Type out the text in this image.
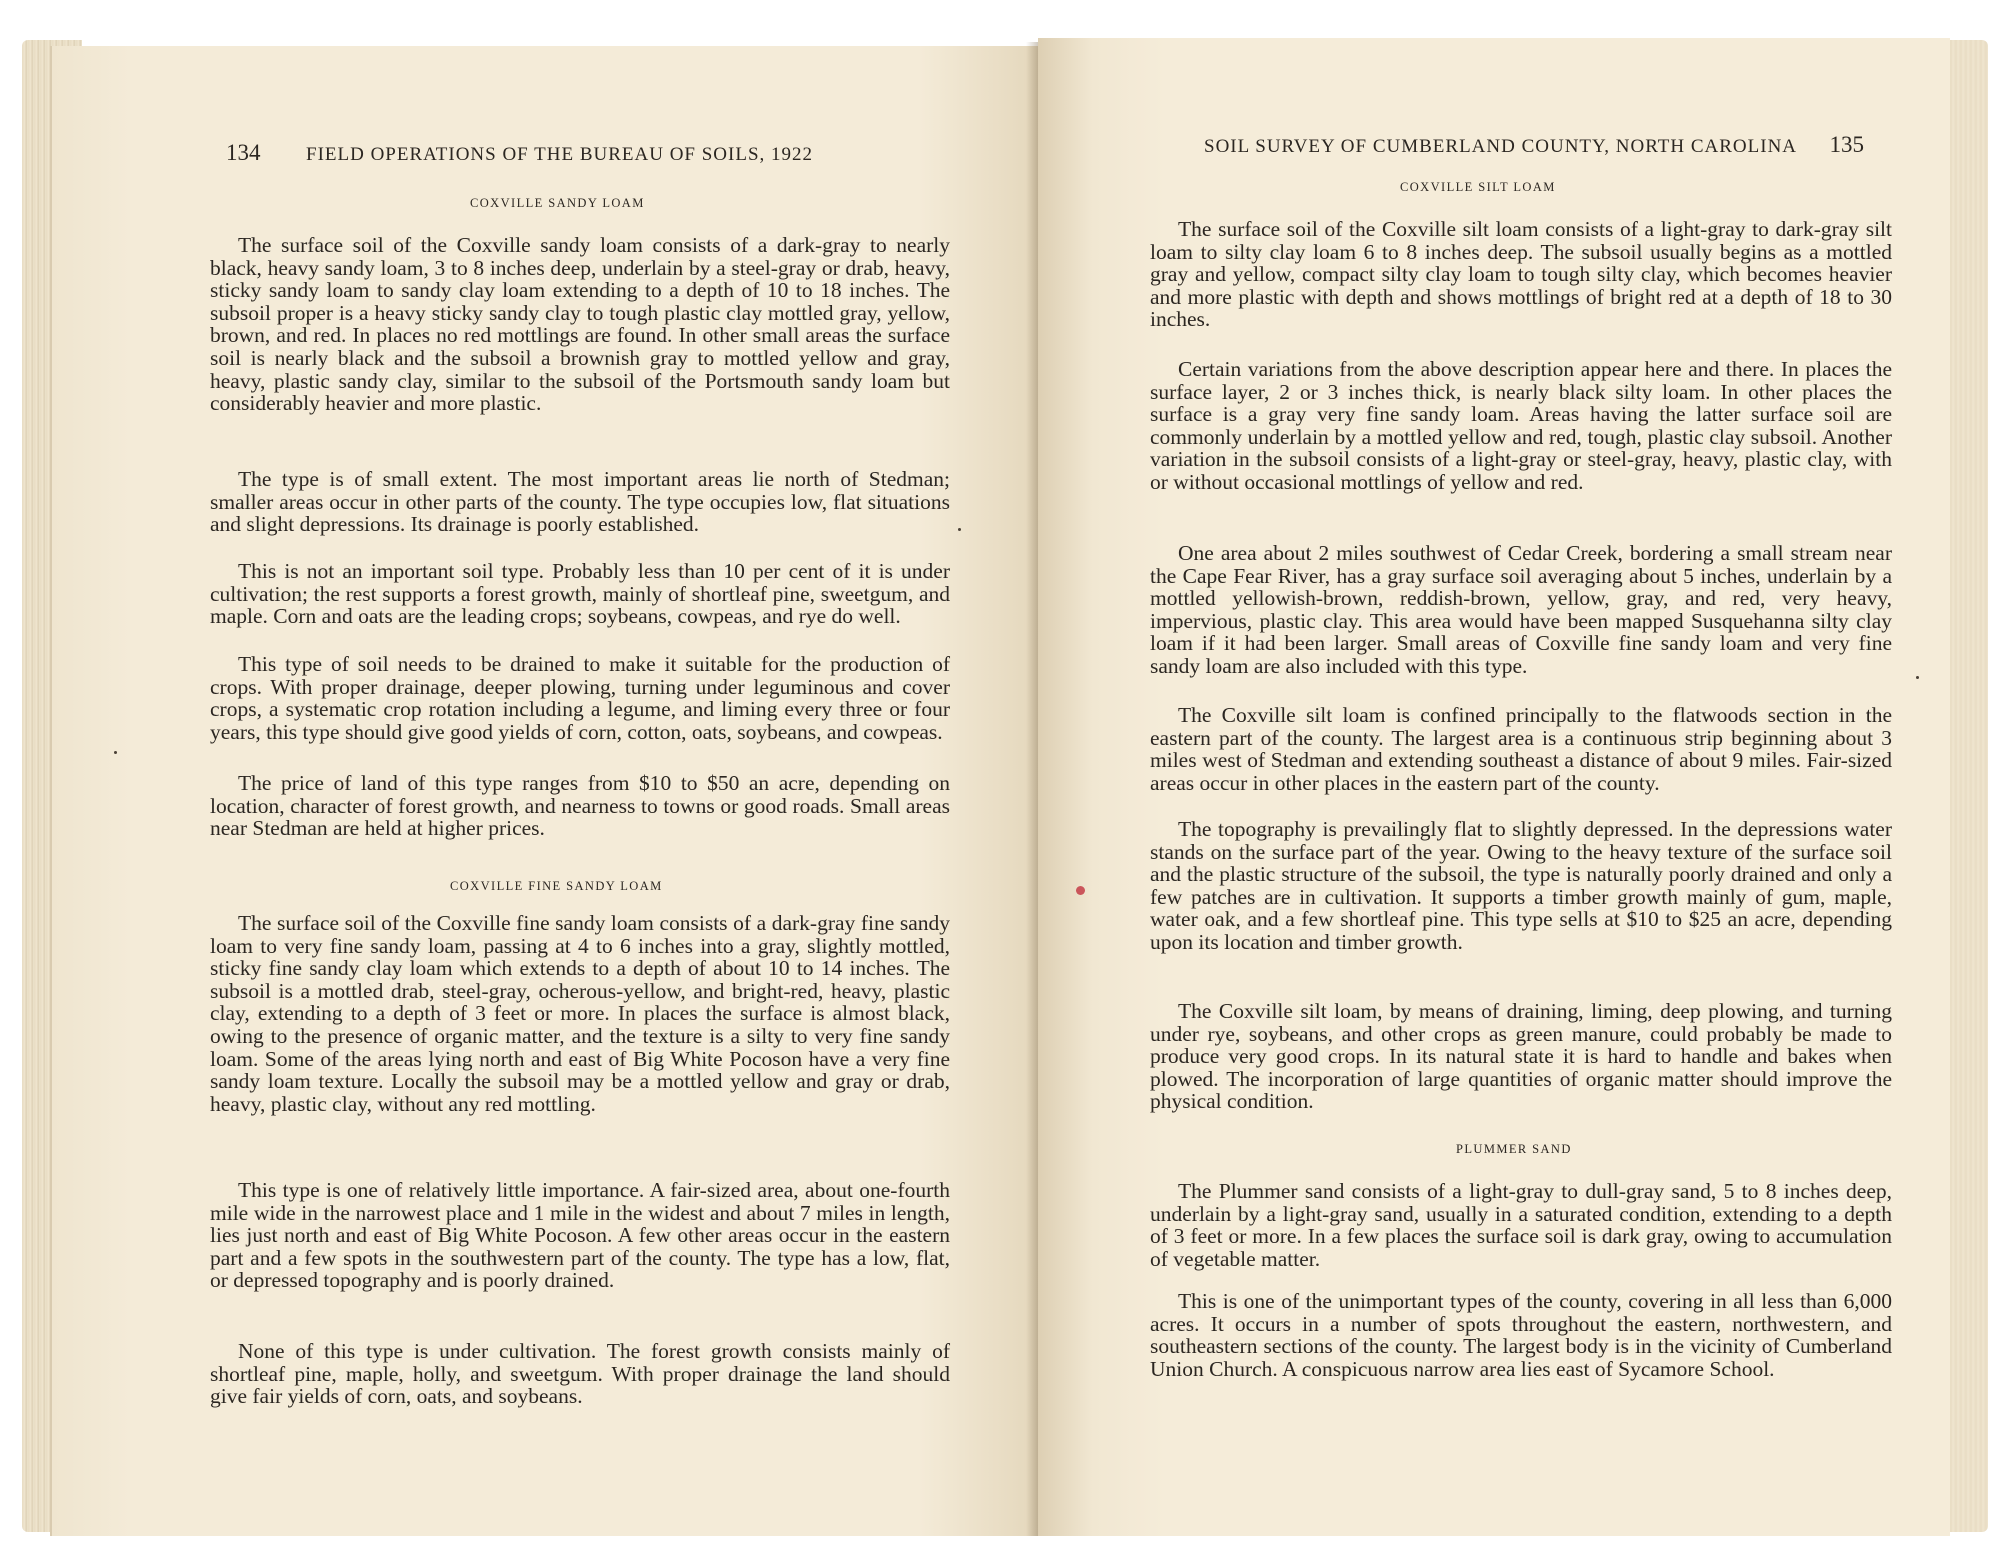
134 FIELD OPERATIONS OF THE BUREAU OF SOILS, 1922
COXVILLE SANDY LOAM

The surface soil of the Coxville sandy loam consists of a dark-gray to nearly black, heavy sandy loam, 3 to 8 inches deep, underlain by a steel-gray or drab, heavy, sticky sandy loam to sandy clay loam extending to a depth of 10 to 18 inches. The subsoil proper is a heavy sticky sandy clay to tough plastic clay mottled gray, yellow, brown, and red. In places no red mottlings are found. In other small areas the surface soil is nearly black and the subsoil a brownish gray to mottled yellow and gray, heavy, plastic sandy clay, similar to the subsoil of the Portsmouth sandy loam but considerably heavier and more plastic.

The type is of small extent. The most important areas lie north of Stedman; smaller areas occur in other parts of the county. The type occupies low, flat situations and slight depressions. Its drainage is poorly established.

This is not an important soil type. Probably less than 10 per cent of it is under cultivation; the rest supports a forest growth, mainly of shortleaf pine, sweetgum, and maple. Corn and oats are the leading crops; soybeans, cowpeas, and rye do well.

This type of soil needs to be drained to make it suitable for the production of crops. With proper drainage, deeper plowing, turning under leguminous and cover crops, a systematic crop rotation including a legume, and liming every three or four years, this type should give good yields of corn, cotton, oats, soybeans, and cowpeas.

The price of land of this type ranges from $10 to $50 an acre, depending on location, character of forest growth, and nearness to towns or good roads. Small areas near Stedman are held at higher prices.

COXVILLE FINE SANDY LOAM

The surface soil of the Coxville fine sandy loam consists of a dark-gray fine sandy loam to very fine sandy loam, passing at 4 to 6 inches into a gray, slightly mottled, sticky fine sandy clay loam which extends to a depth of about 10 to 14 inches. The subsoil is a mottled drab, steel-gray, ocherous-yellow, and bright-red, heavy, plastic clay, extending to a depth of 3 feet or more. In places the surface is almost black, owing to the presence of organic matter, and the texture is a silty to very fine sandy loam. Some of the areas lying north and east of Big White Pocoson have a very fine sandy loam texture. Locally the subsoil may be a mottled yellow and gray or drab, heavy, plastic clay, without any red mottling.

This type is one of relatively little importance. A fair-sized area, about one-fourth mile wide in the narrowest place and 1 mile in the widest and about 7 miles in length, lies just north and east of Big White Pocoson. A few other areas occur in the eastern part and a few spots in the southwestern part of the county. The type has a low, flat, or depressed topography and is poorly drained.

None of this type is under cultivation. The forest growth consists mainly of shortleaf pine, maple, holly, and sweetgum. With proper drainage the land should give fair yields of corn, oats, and soybeans.

SOIL SURVEY OF CUMBERLAND COUNTY, NORTH CAROLINA 135
COXVILLE SILT LOAM

The surface soil of the Coxville silt loam consists of a light-gray to dark-gray silt loam to silty clay loam 6 to 8 inches deep. The subsoil usually begins as a mottled gray and yellow, compact silty clay loam to tough silty clay, which becomes heavier and more plastic with depth and shows mottlings of bright red at a depth of 18 to 30 inches.

Certain variations from the above description appear here and there. In places the surface layer, 2 or 3 inches thick, is nearly black silty loam. In other places the surface is a gray very fine sandy loam. Areas having the latter surface soil are commonly underlain by a mottled yellow and red, tough, plastic clay subsoil. Another variation in the subsoil consists of a light-gray or steel-gray, heavy, plastic clay, with or without occasional mottlings of yellow and red.

One area about 2 miles southwest of Cedar Creek, bordering a small stream near the Cape Fear River, has a gray surface soil averaging about 5 inches, underlain by a mottled yellowish-brown, reddish-brown, yellow, gray, and red, very heavy, impervious, plastic clay. This area would have been mapped Susquehanna silty clay loam if it had been larger. Small areas of Coxville fine sandy loam and very fine sandy loam are also included with this type.

The Coxville silt loam is confined principally to the flatwoods section in the eastern part of the county. The largest area is a continuous strip beginning about 3 miles west of Stedman and extending southeast a distance of about 9 miles. Fair-sized areas occur in other places in the eastern part of the county.

The topography is prevailingly flat to slightly depressed. In the depressions water stands on the surface part of the year. Owing to the heavy texture of the surface soil and the plastic structure of the subsoil, the type is naturally poorly drained and only a few patches are in cultivation. It supports a timber growth mainly of gum, maple, water oak, and a few shortleaf pine. This type sells at $10 to $25 an acre, depending upon its location and timber growth.

The Coxville silt loam, by means of draining, liming, deep plowing, and turning under rye, soybeans, and other crops as green manure, could probably be made to produce very good crops. In its natural state it is hard to handle and bakes when plowed. The incorporation of large quantities of organic matter should improve the physical condition.

PLUMMER SAND

The Plummer sand consists of a light-gray to dull-gray sand, 5 to 8 inches deep, underlain by a light-gray sand, usually in a saturated condition, extending to a depth of 3 feet or more. In a few places the surface soil is dark gray, owing to accumulation of vegetable matter.

This is one of the unimportant types of the county, covering in all less than 6,000 acres. It occurs in a number of spots throughout the eastern, northwestern, and southeastern sections of the county. The largest body is in the vicinity of Cumberland Union Church. A conspicuous narrow area lies east of Sycamore School.
